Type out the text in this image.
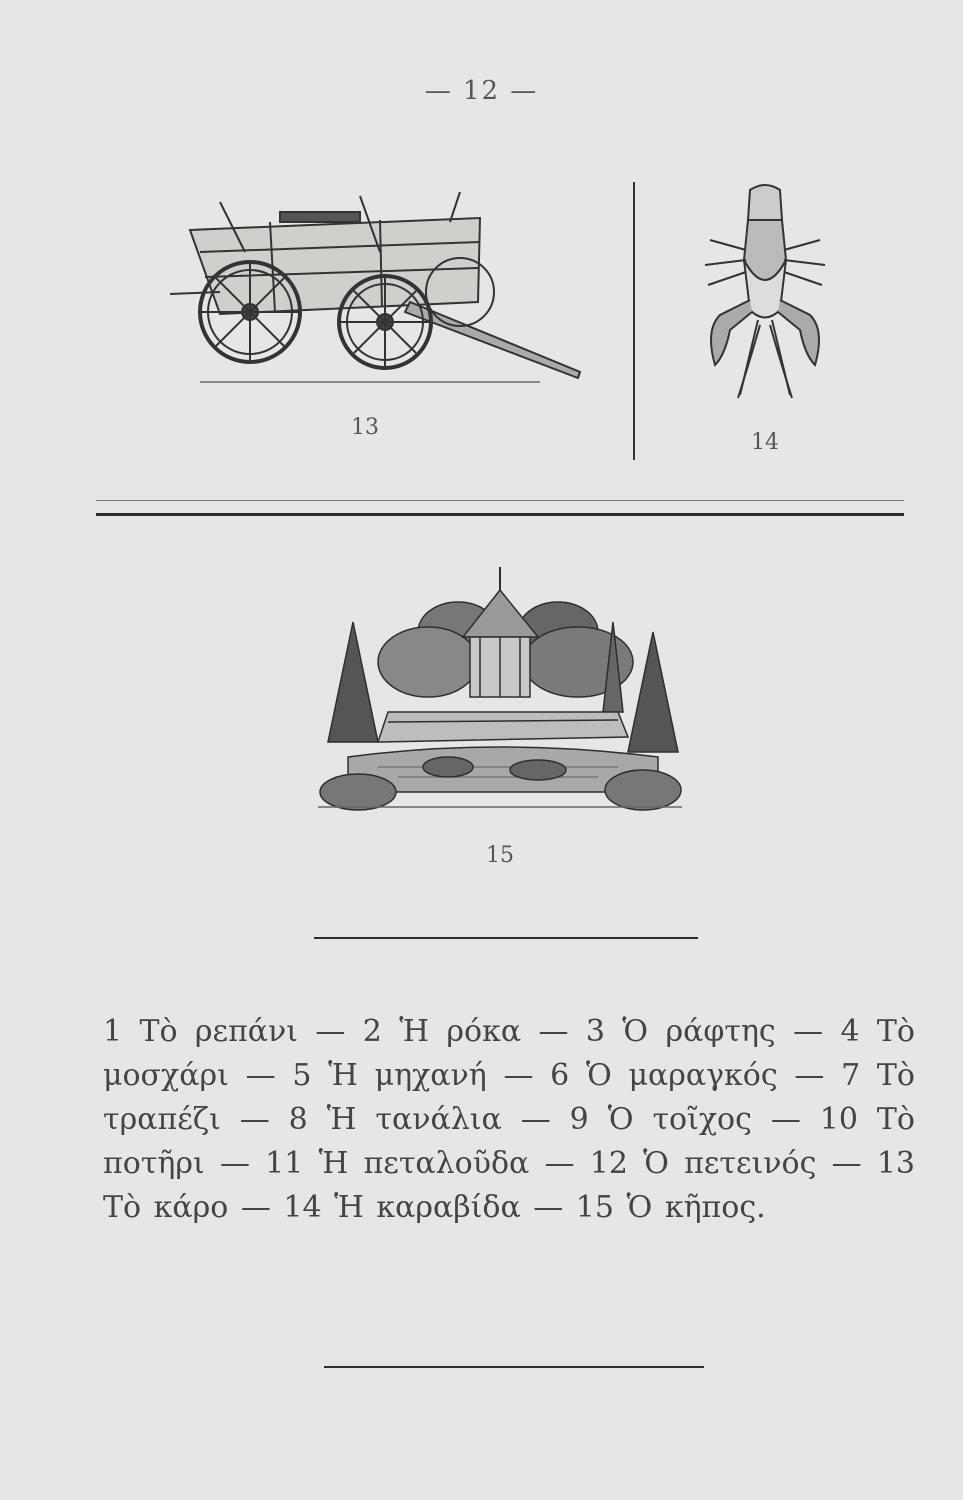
— 12 —
13
14
15
1 Τὸ ρεπάνι — 2 Ἡ ρόκα — 3 Ὁ ράφτης — 4 Τὸ μοσχάρι — 5 Ἡ μηχανή — 6 Ὁ μαραγκός — 7 Τὸ τραπέζι — 8 Ἡ τανάλια — 9 Ὁ τοῖχος — 10 Τὸ ποτῆρι — 11 Ἡ πεταλοῦδα — 12 Ὁ πετεινός — 13 Τὸ κάρο — 14 Ἡ καραβίδα — 15 Ὁ κῆπος.
